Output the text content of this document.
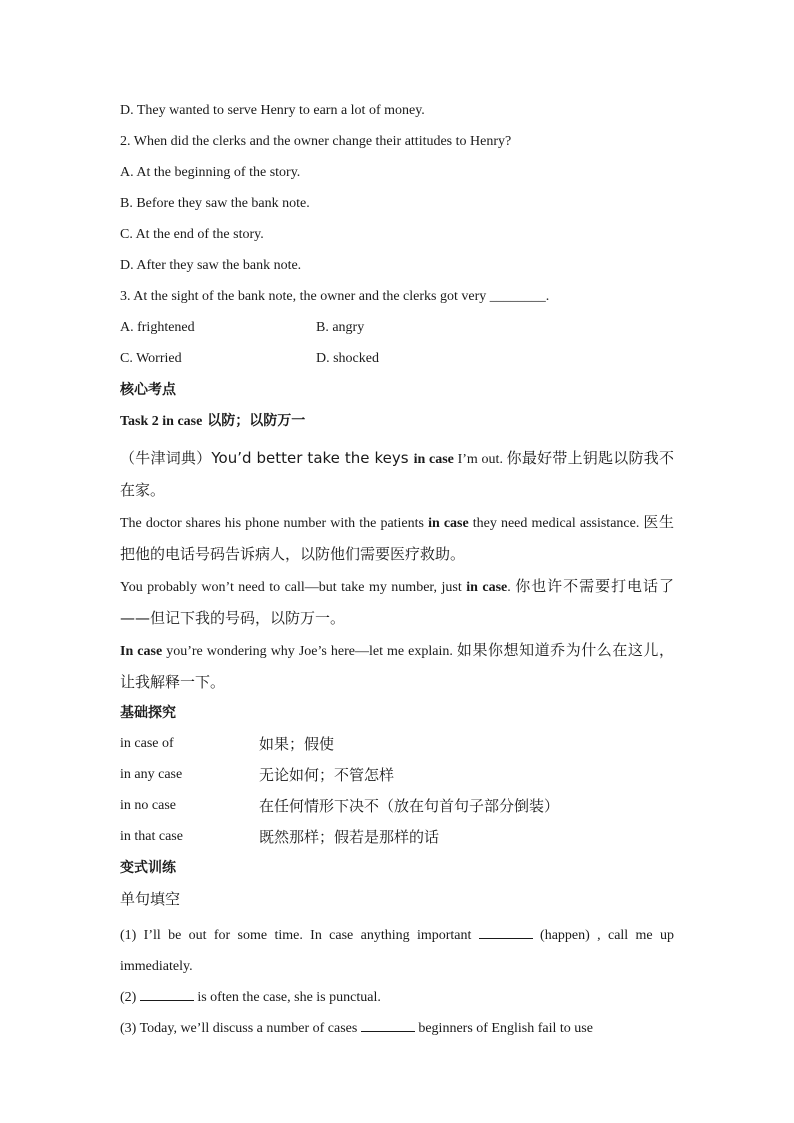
D. They wanted to serve Henry to earn a lot of money.

2. When did the clerks and the owner change their attitudes to Henry?

A. At the beginning of the story.

B. Before they saw the bank note.

C. At the end of the story.

D. After they saw the bank note.

3. At the sight of the bank note, the owner and the clerks got very ________.

A. frightened	B. angry
C. Worried	D. shocked

核心考点

Task 2 in case 以防；以防万一

（牛津词典）You’d better take the keys in case I’m out. 你最好带上钥匙以防我不在家。

The doctor shares his phone number with the patients in case they need medical assistance. 医生把他的电话号码告诉病人，以防他们需要医疗救助。

You probably won’t need to call—but take my number, just in case. 你也许不需要打电话了——但记下我的号码，以防万一。

In case you’re wondering why Joe’s here—let me explain. 如果你想知道乔为什么在这儿，让我解释一下。

基础探究

in case of	如果；假使
in any case	无论如何；不管怎样
in no case	在任何情形下决不（放在句首句子部分倒装）
in that case	既然那样；假若是那样的话

变式训练

单句填空

(1) I’ll be out for some time. In case anything important	(happen) , call me up immediately.

(2)	is often the case, she is punctual.

(3) Today, we’ll discuss a number of cases	beginners of English fail to use
